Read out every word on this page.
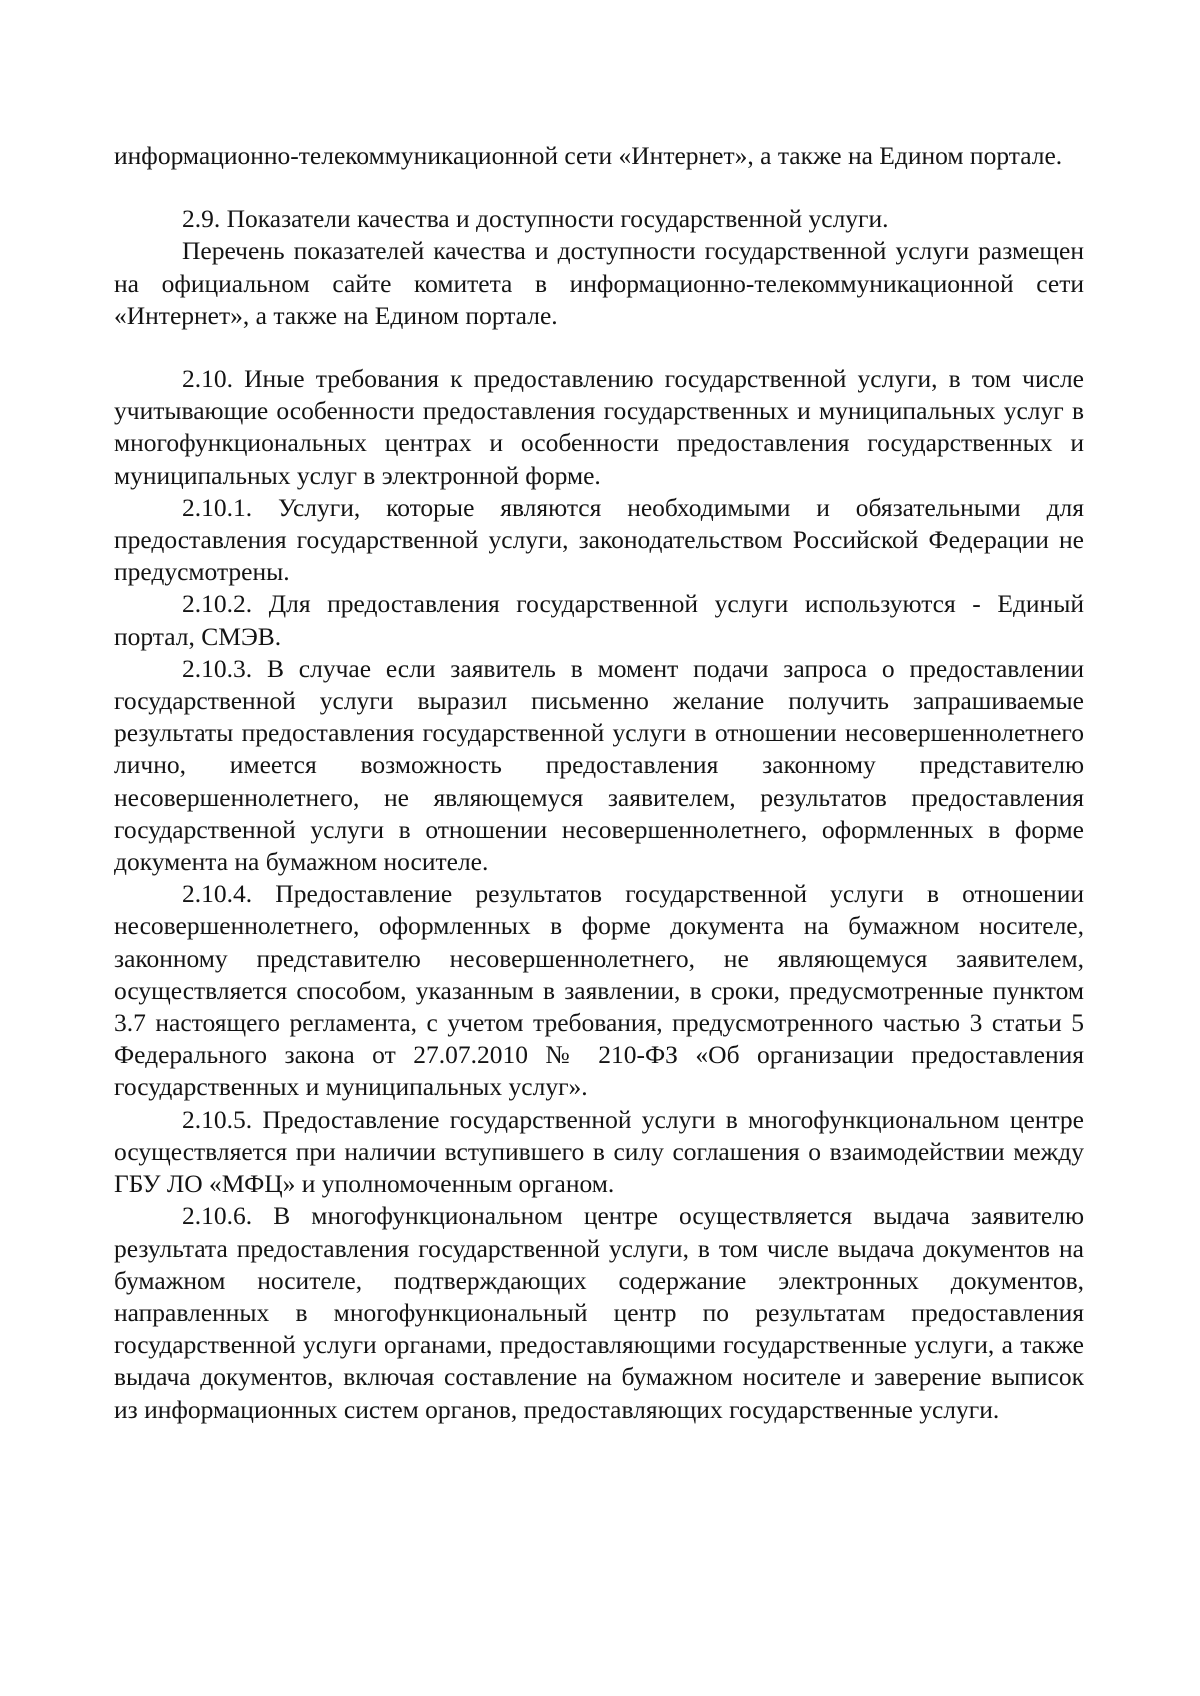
информационно-телекоммуникационной сети «Интернет», а также на Едином портале.

2.9. Показатели качества и доступности государственной услуги.

Перечень показателей качества и доступности государственной услуги размещен на официальном сайте комитета в информационно-телекоммуникационной сети «Интернет», а также на Едином портале.

2.10. Иные требования к предоставлению государственной услуги, в том числе учитывающие особенности предоставления государственных и муниципальных услуг в многофункциональных центрах и особенности предоставления государственных и муниципальных услуг в электронной форме.

2.10.1. Услуги, которые являются необходимыми и обязательными для предоставления государственной услуги, законодательством Российской Федерации не предусмотрены.

2.10.2. Для предоставления государственной услуги используются - Единый портал, СМЭВ.

2.10.3. В случае если заявитель в момент подачи запроса о предоставлении государственной услуги выразил письменно желание получить запрашиваемые результаты предоставления государственной услуги в отношении несовершеннолетнего лично, имеется возможность предоставления законному представителю несовершеннолетнего, не являющемуся заявителем, результатов предоставления государственной услуги в отношении несовершеннолетнего, оформленных в форме документа на бумажном носителе.

2.10.4. Предоставление результатов государственной услуги в отношении несовершеннолетнего, оформленных в форме документа на бумажном носителе, законному представителю несовершеннолетнего, не являющемуся заявителем, осуществляется способом, указанным в заявлении, в сроки, предусмотренные пунктом 3.7 настоящего регламента, с учетом требования, предусмотренного частью 3 статьи 5 Федерального закона от 27.07.2010 № 210-ФЗ «Об организации предоставления государственных и муниципальных услуг».

2.10.5. Предоставление государственной услуги в многофункциональном центре осуществляется при наличии вступившего в силу соглашения о взаимодействии между ГБУ ЛО «МФЦ» и уполномоченным органом.

2.10.6. В многофункциональном центре осуществляется выдача заявителю результата предоставления государственной услуги, в том числе выдача документов на бумажном носителе, подтверждающих содержание электронных документов, направленных в многофункциональный центр по результатам предоставления государственной услуги органами, предоставляющими государственные услуги, а также выдача документов, включая составление на бумажном носителе и заверение выписок из информационных систем органов, предоставляющих государственные услуги.
